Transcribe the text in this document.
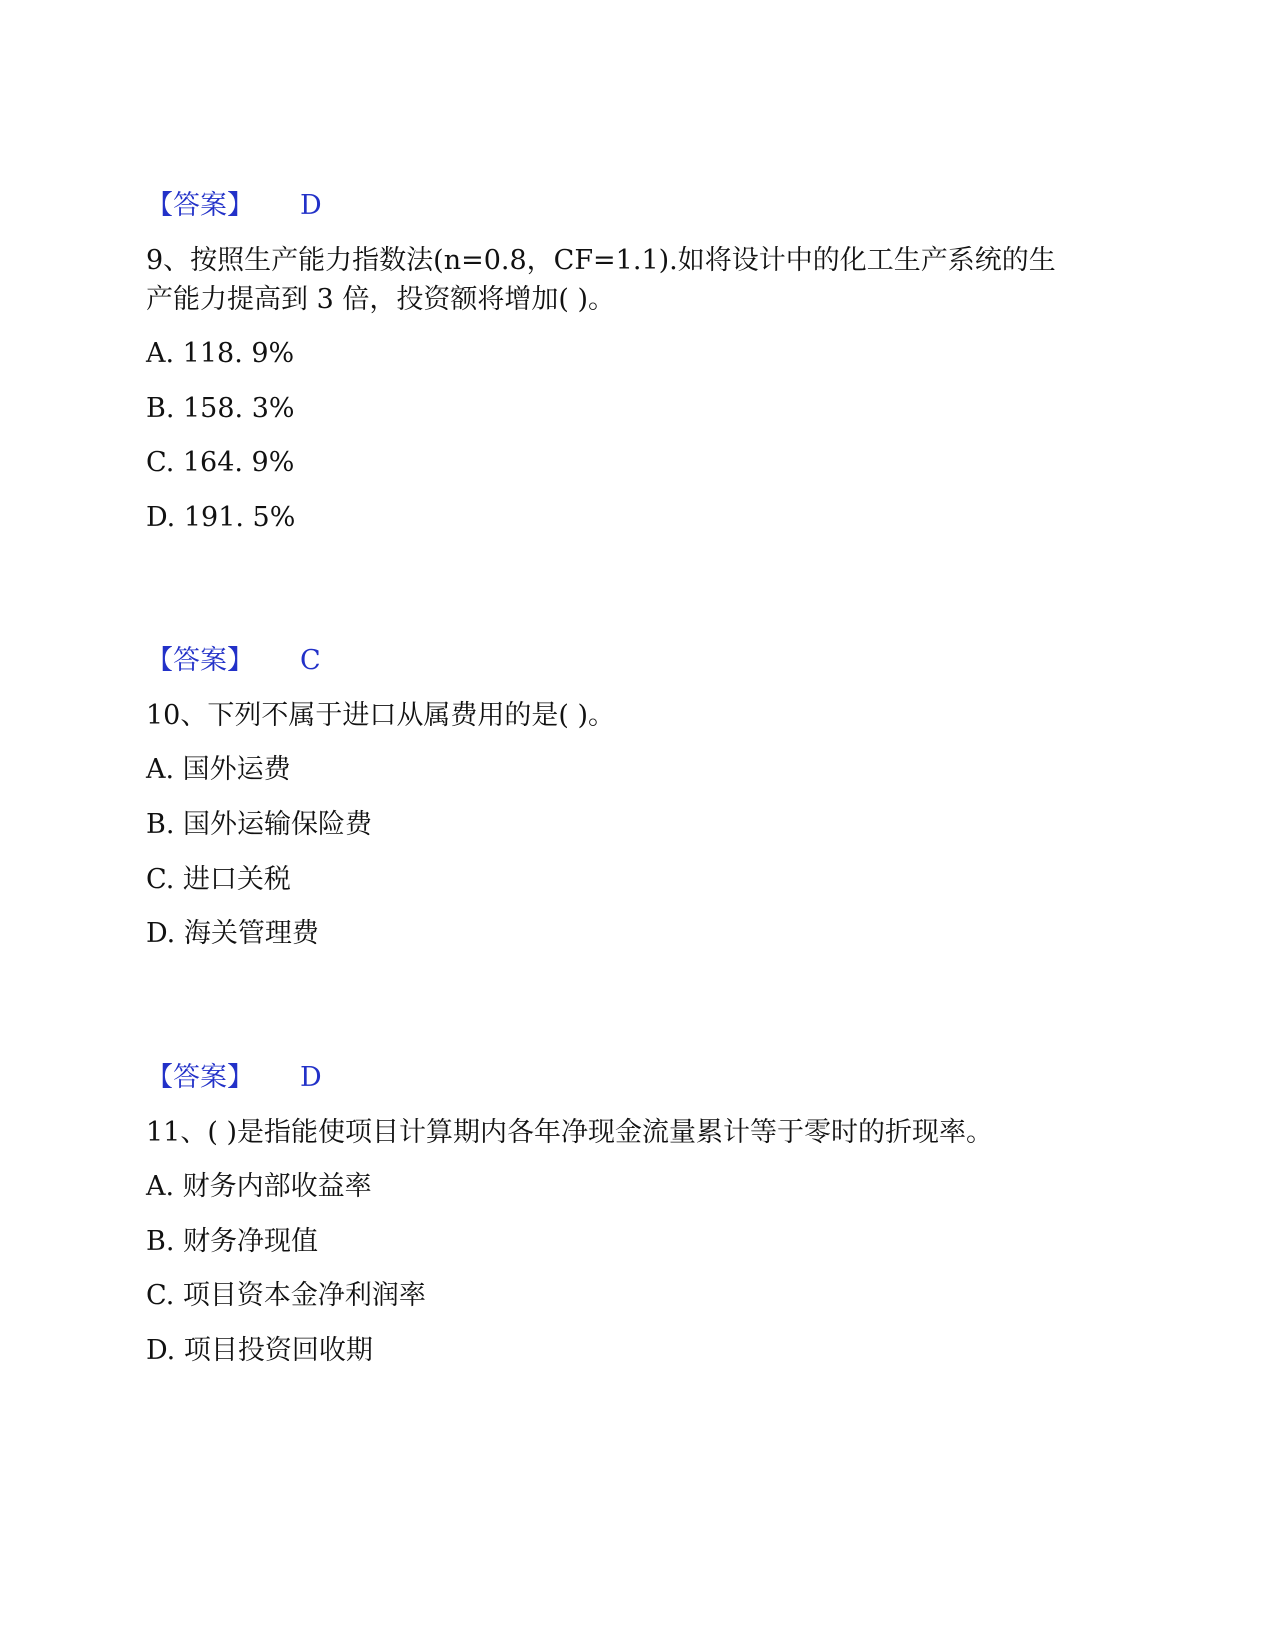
【答案】 D
9、按照生产能力指数法(n=0.8，CF=1.1).如将设计中的化工生产系统的生
产能力提高到 3 倍，投资额将增加( )。
A. 118. 9%
B. 158. 3%
C. 164. 9%
D. 191. 5%
【答案】 C
10、下列不属于进口从属费用的是( )。
A. 国外运费
B. 国外运输保险费
C. 进口关税
D. 海关管理费
【答案】 D
11、( )是指能使项目计算期内各年净现金流量累计等于零时的折现率。
A. 财务内部收益率
B. 财务净现值
C. 项目资本金净利润率
D. 项目投资回收期
